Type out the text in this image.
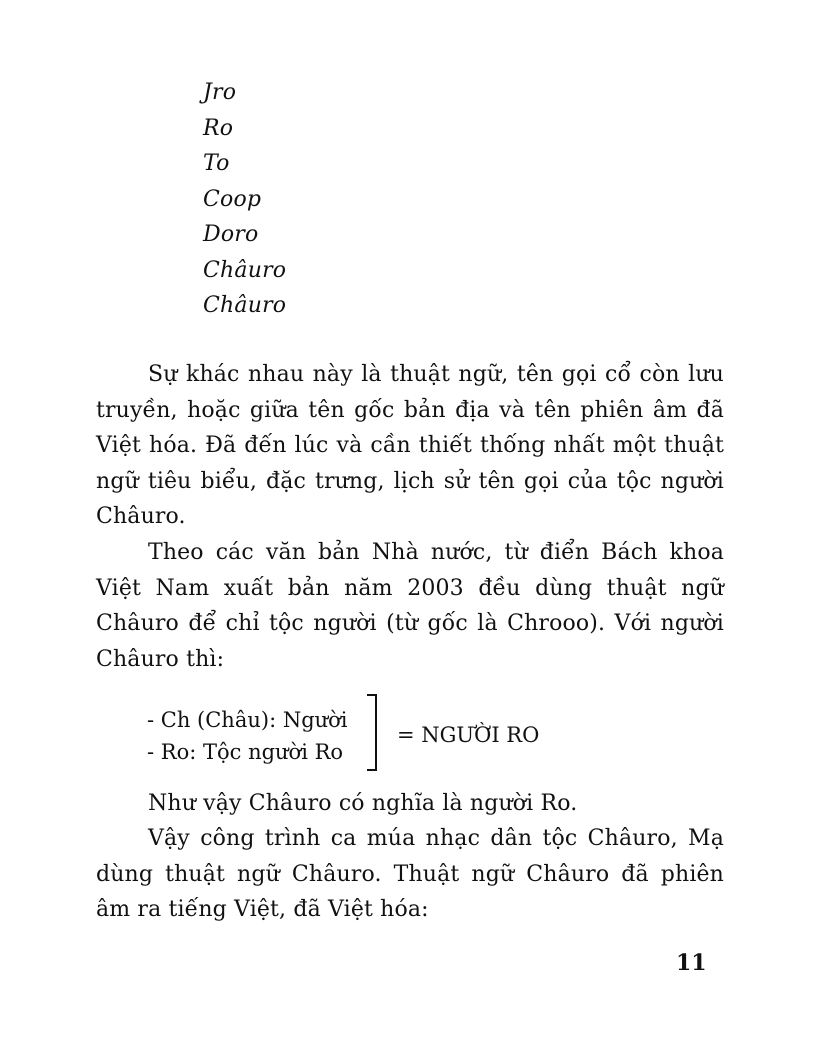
Jro
Ro
To
Coop
Doro
Châuro
Châuro

Sự khác nhau này là thuật ngữ, tên gọi cổ còn lưu truyền, hoặc giữa tên gốc bản địa và tên phiên âm đã Việt hóa. Đã đến lúc và cần thiết thống nhất một thuật ngữ tiêu biểu, đặc trưng, lịch sử tên gọi của tộc người Châuro.

Theo các văn bản Nhà nước, từ điển Bách khoa Việt Nam xuất bản năm 2003 đều dùng thuật ngữ Châuro để chỉ tộc người (từ gốc là Chrooo). Với người Châuro thì:

- Ch (Châu): Người
- Ro: Tộc người Ro
= NGƯỜI RO

Như vậy Châuro có nghĩa là người Ro.

Vậy công trình ca múa nhạc dân tộc Châuro, Mạ dùng thuật ngữ Châuro. Thuật ngữ Châuro đã phiên âm ra tiếng Việt, đã Việt hóa:

11
